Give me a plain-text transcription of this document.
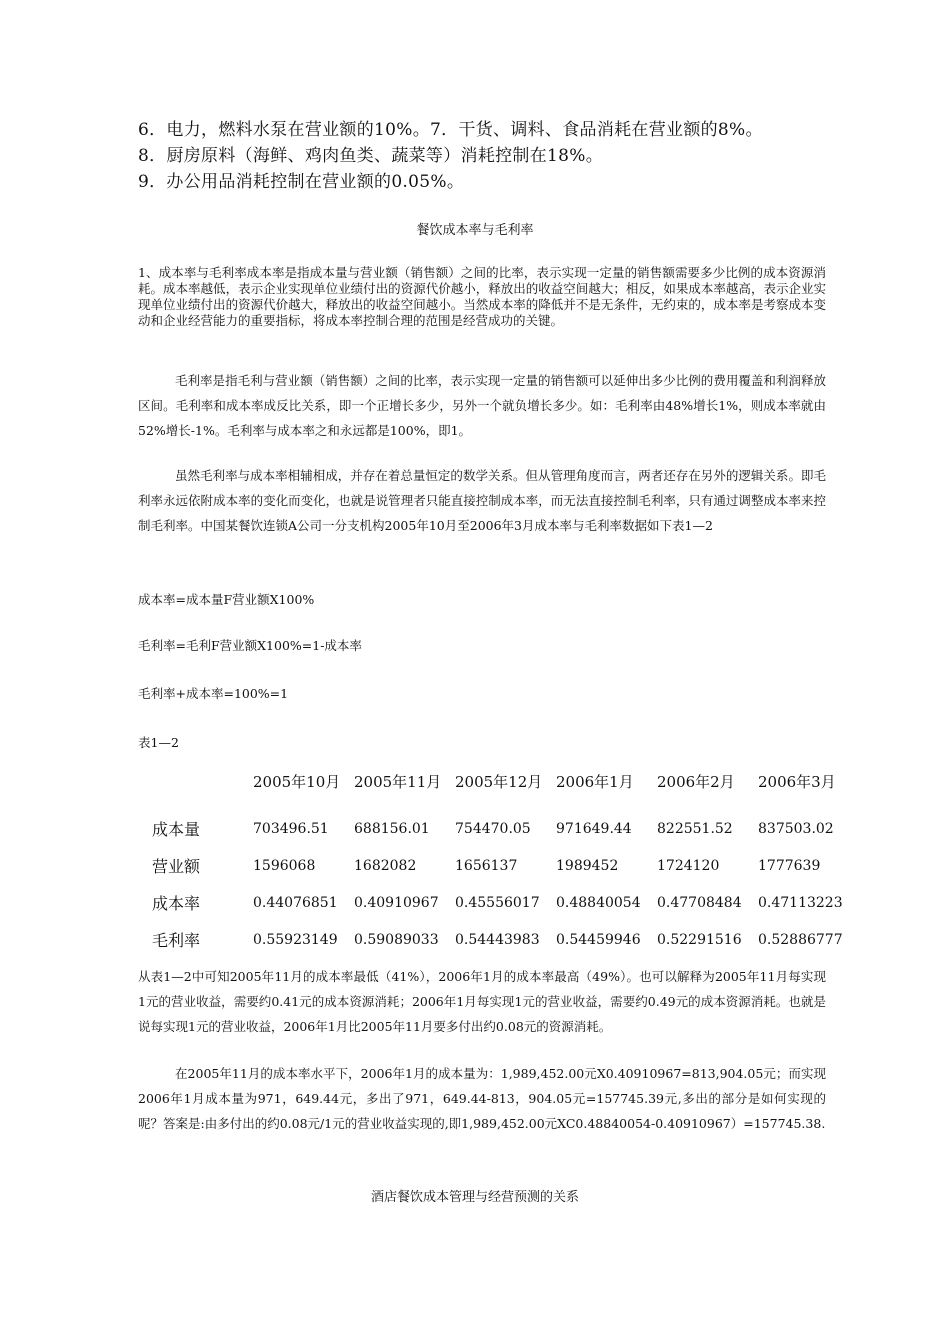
6．电力，燃料水泵在营业额的10%。7．干货、调料、食品消耗在营业额的8%。
8．厨房原料（海鲜、鸡肉鱼类、蔬菜等）消耗控制在18%。
9．办公用品消耗控制在营业额的0.05%。
餐饮成本率与毛利率
1、成本率与毛利率成本率是指成本量与营业额（销售额）之间的比率，表示实现一定量的销售额需要多少比例的成本资源消耗。成本率越低，表示企业实现单位业绩付出的资源代价越小，释放出的收益空间越大；相反，如果成本率越高，表示企业实现单位业绩付出的资源代价越大，释放出的收益空间越小。当然成本率的降低并不是无条件，无约束的，成本率是考察成本变动和企业经营能力的重要指标，将成本率控制合理的范围是经营成功的关键。
毛利率是指毛利与营业额（销售额）之间的比率，表示实现一定量的销售额可以延伸出多少比例的费用覆盖和利润释放区间。毛利率和成本率成反比关系，即一个正增长多少，另外一个就负增长多少。如：毛利率由48%增长1%，则成本率就由52%增长-1%。毛利率与成本率之和永远都是100%，即1。
虽然毛利率与成本率相辅相成，并存在着总量恒定的数学关系。但从管理角度而言，两者还存在另外的逻辑关系。即毛利率永远依附成本率的变化而变化，也就是说管理者只能直接控制成本率，而无法直接控制毛利率，只有通过调整成本率来控制毛利率。中国某餐饮连锁A公司一分支机构2005年10月至2006年3月成本率与毛利率数据如下表1—2
成本率=成本量F营业额X100%
毛利率=毛利F营业额X100%=1-成本率
毛利率+成本率=100%=1
表1—2
	2005年10月	2005年11月	2005年12月	2006年1月	2006年2月	2006年3月
成本量	703496.51	688156.01	754470.05	971649.44	822551.52	837503.02
营业额	1596068	1682082	1656137	1989452	1724120	1777639
成本率	0.44076851	0.40910967	0.45556017	0.48840054	0.47708484	0.47113223
毛利率	0.55923149	0.59089033	0.54443983	0.54459946	0.52291516	0.52886777
从表1—2中可知2005年11月的成本率最低（41%），2006年1月的成本率最高（49%）。也可以解释为2005年11月每实现1元的营业收益，需要约0.41元的成本资源消耗；2006年1月每实现1元的营业收益，需要约0.49元的成本资源消耗。也就是说每实现1元的营业收益，2006年1月比2005年11月要多付出约0.08元的资源消耗。
在2005年11月的成本率水平下，2006年1月的成本量为：1,989,452.00元X0.40910967=813,904.05元；而实现2006年1月成本量为971，649.44元，多出了971，649.44-813，904.05元=157745.39元,多出的部分是如何实现的呢？答案是:由多付出的约0.08元/1元的营业收益实现的,即1,989,452.00元XC0.48840054-0.40910967）=157745.38.
酒店餐饮成本管理与经营预测的关系
